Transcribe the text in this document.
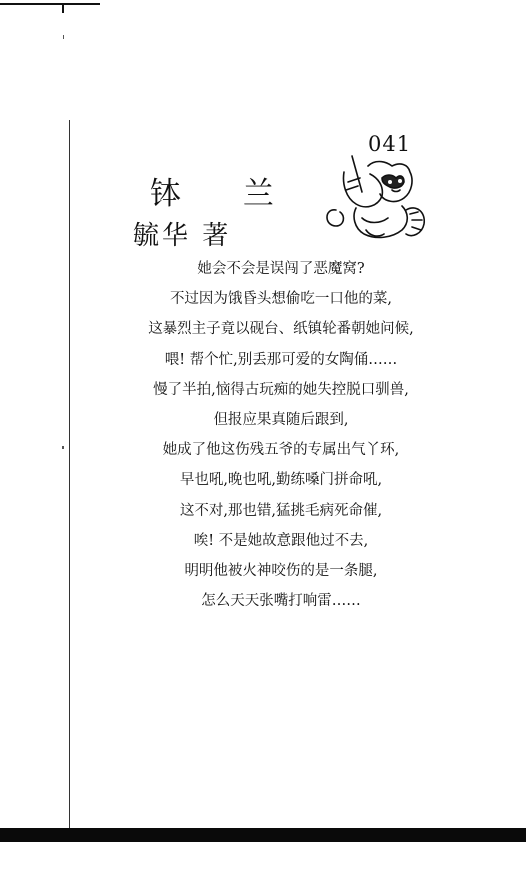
041
钵 兰
毓华 著
她会不会是误闯了恶魔窝?
不过因为饿昏头想偷吃一口他的菜,
这暴烈主子竟以砚台、纸镇轮番朝她问候,
喂! 帮个忙,别丢那可爱的女陶俑……
慢了半拍,恼得古玩痴的她失控脱口驯兽,
但报应果真随后跟到,
她成了他这伤残五爷的专属出气丫环,
早也吼,晚也吼,勤练嗓门拼命吼,
这不对,那也错,猛挑毛病死命催,
唉! 不是她故意跟他过不去,
明明他被火神咬伤的是一条腿,
怎么天天张嘴打响雷……
